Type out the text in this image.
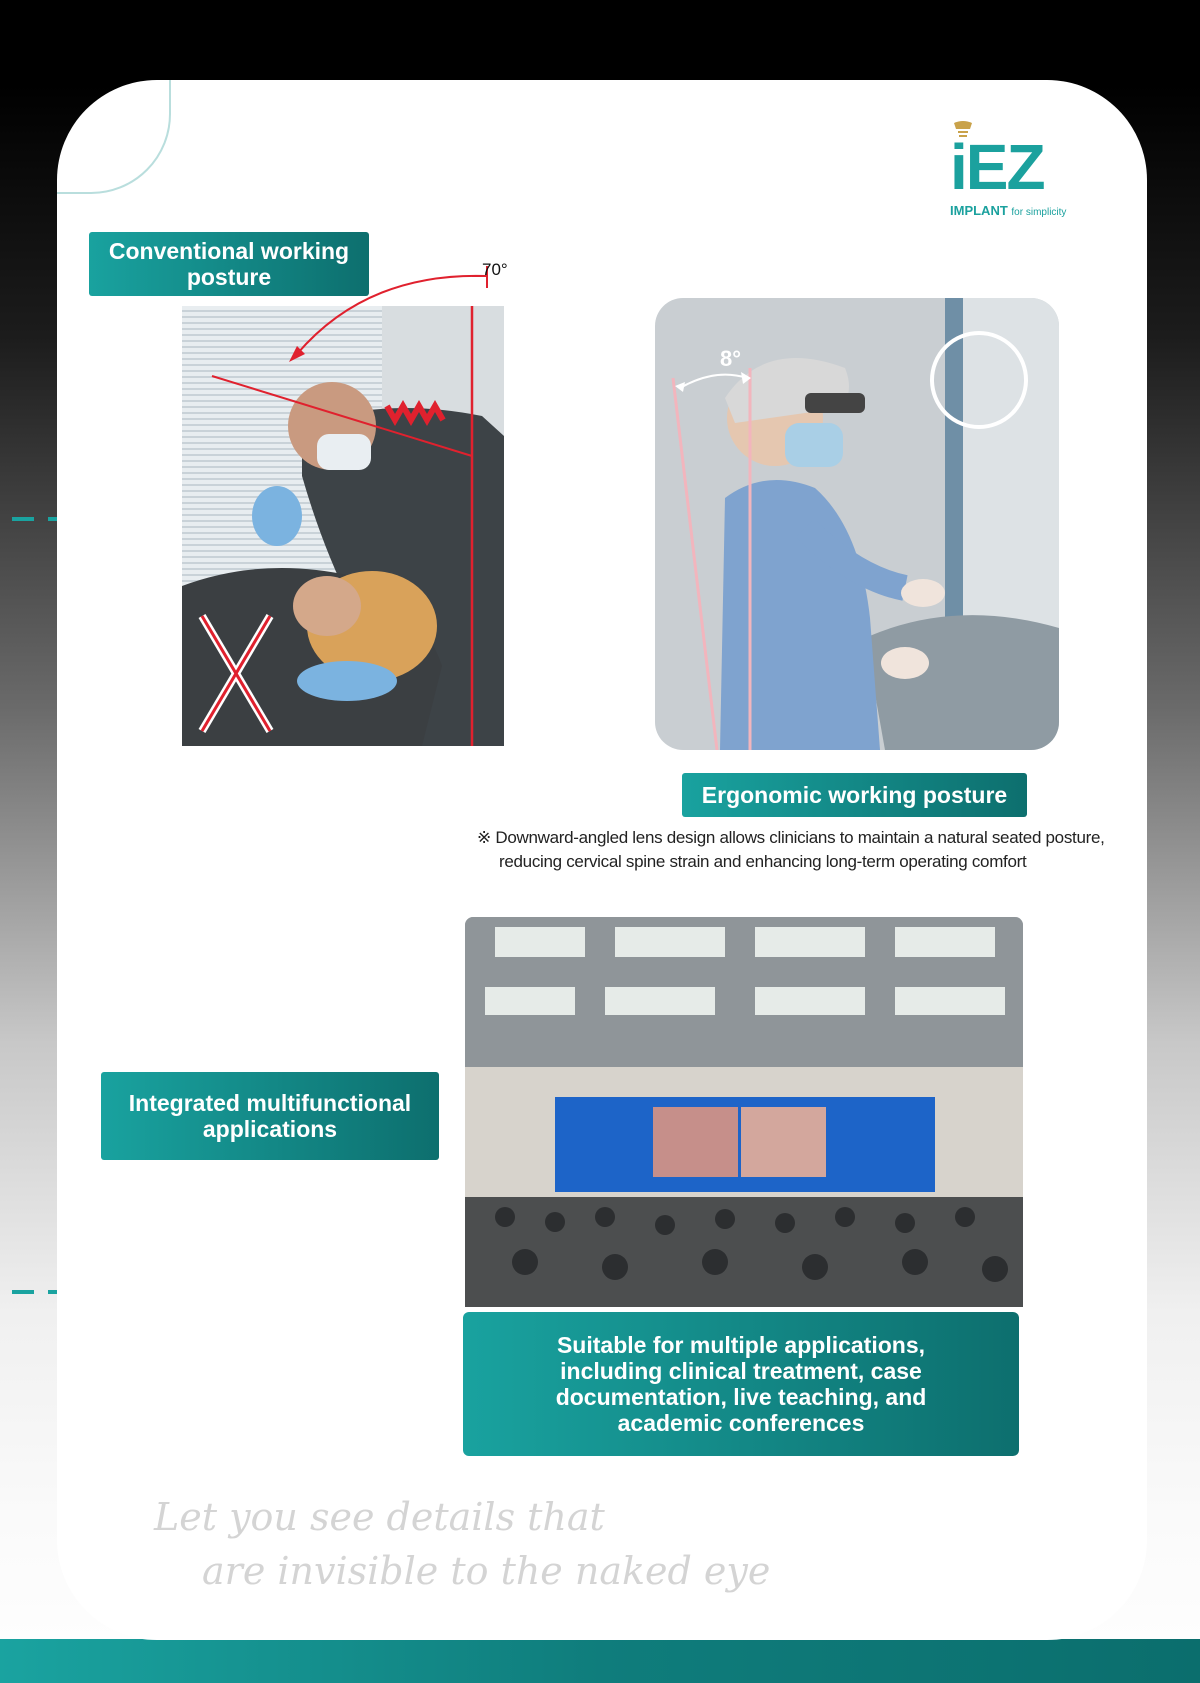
iEZ
IMPLANT for simplicity
Conventional working posture	70°
8°
Ergonomic working posture
※ Downward-angled lens design allows clinicians to maintain a natural seated posture,
reducing cervical spine strain and enhancing long-term operating comfort
Integrated multifunctional applications
Suitable for multiple applications, including clinical treatment, case documentation, live teaching, and academic conferences
Let you see details that
are invisible to the naked eye
